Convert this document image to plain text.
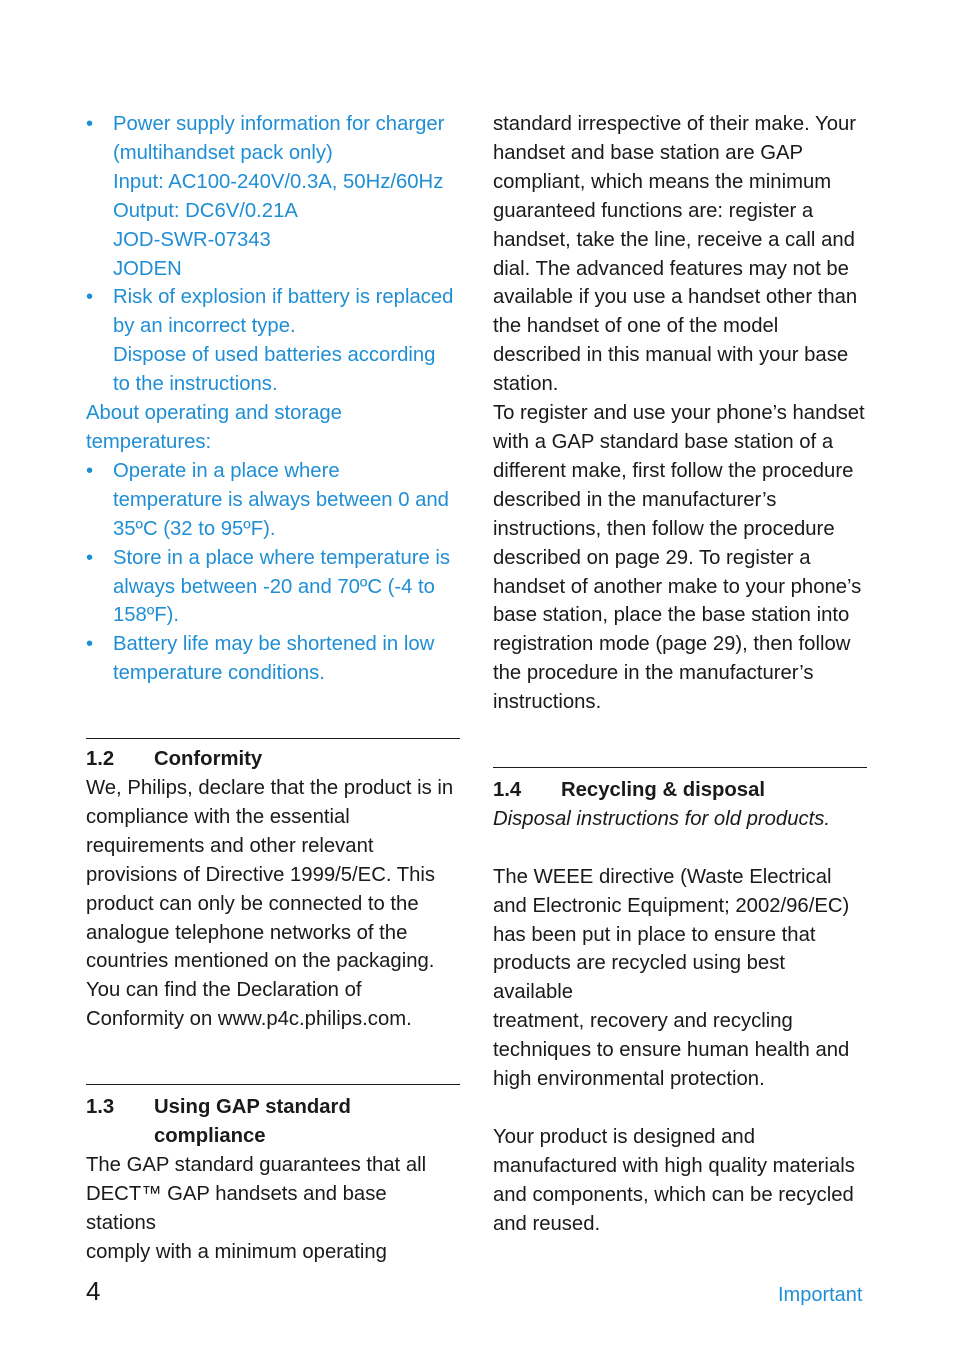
• Power supply information for charger
(multihandset pack only)
Input: AC100-240V/0.3A, 50Hz/60Hz
Output: DC6V/0.21A
JOD-SWR-07343
JODEN
• Risk of explosion if battery is replaced
by an incorrect type.
Dispose of used batteries according
to the instructions.
About operating and storage
temperatures:
• Operate in a place where
temperature is always between 0 and
35ºC (32 to 95ºF).
• Store in a place where temperature is
always between -20 and 70ºC (-4 to
158ºF).
• Battery life may be shortened in low
temperature conditions.
1.2	Conformity
We, Philips, declare that the product is in
compliance with the essential
requirements and other relevant
provisions of Directive 1999/5/EC. This
product can only be connected to the
analogue telephone networks of the
countries mentioned on the packaging.
You can find the Declaration of
Conformity on www.p4c.philips.com.
1.3	Using GAP standard
compliance
The GAP standard guarantees that all
DECT™ GAP handsets and base stations
comply with a minimum operating
standard irrespective of their make. Your
handset and base station are GAP
compliant, which means the minimum
guaranteed functions are: register a
handset, take the line, receive a call and
dial. The advanced features may not be
available if you use a handset other than
the handset of one of the model
described in this manual with your base
station.
To register and use your phone’s handset
with a GAP standard base station of a
different make, first follow the procedure
described in the manufacturer’s
instructions, then follow the procedure
described on page 29. To register a
handset of another make to your phone’s
base station, place the base station into
registration mode (page 29), then follow
the procedure in the manufacturer’s
instructions.
1.4	Recycling & disposal
Disposal instructions for old products.
The WEEE directive (Waste Electrical
and Electronic Equipment; 2002/96/EC)
has been put in place to ensure that
products are recycled using best available
treatment, recovery and recycling
techniques to ensure human health and
high environmental protection.
Your product is designed and
manufactured with high quality materials
and components, which can be recycled
and reused.
4	Important
